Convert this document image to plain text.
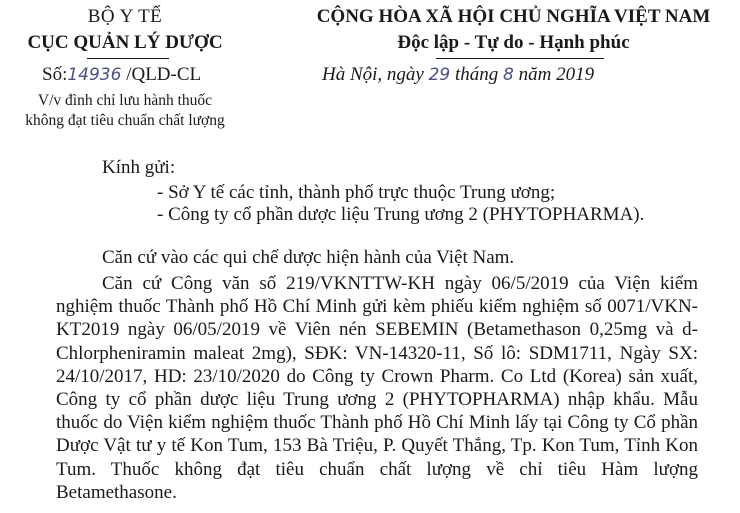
BỘ Y TẾ
CỤC QUẢN LÝ DƯỢC
Số:14936 /QLD-CL
V/v đình chỉ lưu hành thuốc
không đạt tiêu chuẩn chất lượng
CỘNG HÒA XÃ HỘI CHỦ NGHĨA VIỆT NAM
Độc lập - Tự do - Hạnh phúc
Hà Nội, ngày 29 tháng 8 năm 2019
Kính gửi:
- Sở Y tế các tỉnh, thành phố trực thuộc Trung ương;
- Công ty cổ phần dược liệu Trung ương 2 (PHYTOPHARMA).
Căn cứ vào các qui chế dược hiện hành của Việt Nam.

Căn cứ Công văn số 219/VKNTTW-KH ngày 06/5/2019 của Viện kiểm nghiệm thuốc Thành phố Hồ Chí Minh gửi kèm phiếu kiểm nghiệm số 0071/VKN-KT2019 ngày 06/05/2019 về Viên nén SEBEMIN (Betamethason 0,25mg và d-Chlorpheniramin maleat 2mg), SĐK: VN-14320-11, Số lô: SDM1711, Ngày SX: 24/10/2017, HD: 23/10/2020 do Công ty Crown Pharm. Co Ltd (Korea) sản xuất, Công ty cổ phần dược liệu Trung ương 2 (PHYTOPHARMA) nhập khẩu. Mẫu thuốc do Viện kiểm nghiệm thuốc Thành phố Hồ Chí Minh lấy tại Công ty Cổ phần Dược Vật tư y tế Kon Tum, 153 Bà Triệu, P. Quyết Thắng, Tp. Kon Tum, Tỉnh Kon Tum. Thuốc không đạt tiêu chuẩn chất lượng về chỉ tiêu Hàm lượng Betamethasone.
